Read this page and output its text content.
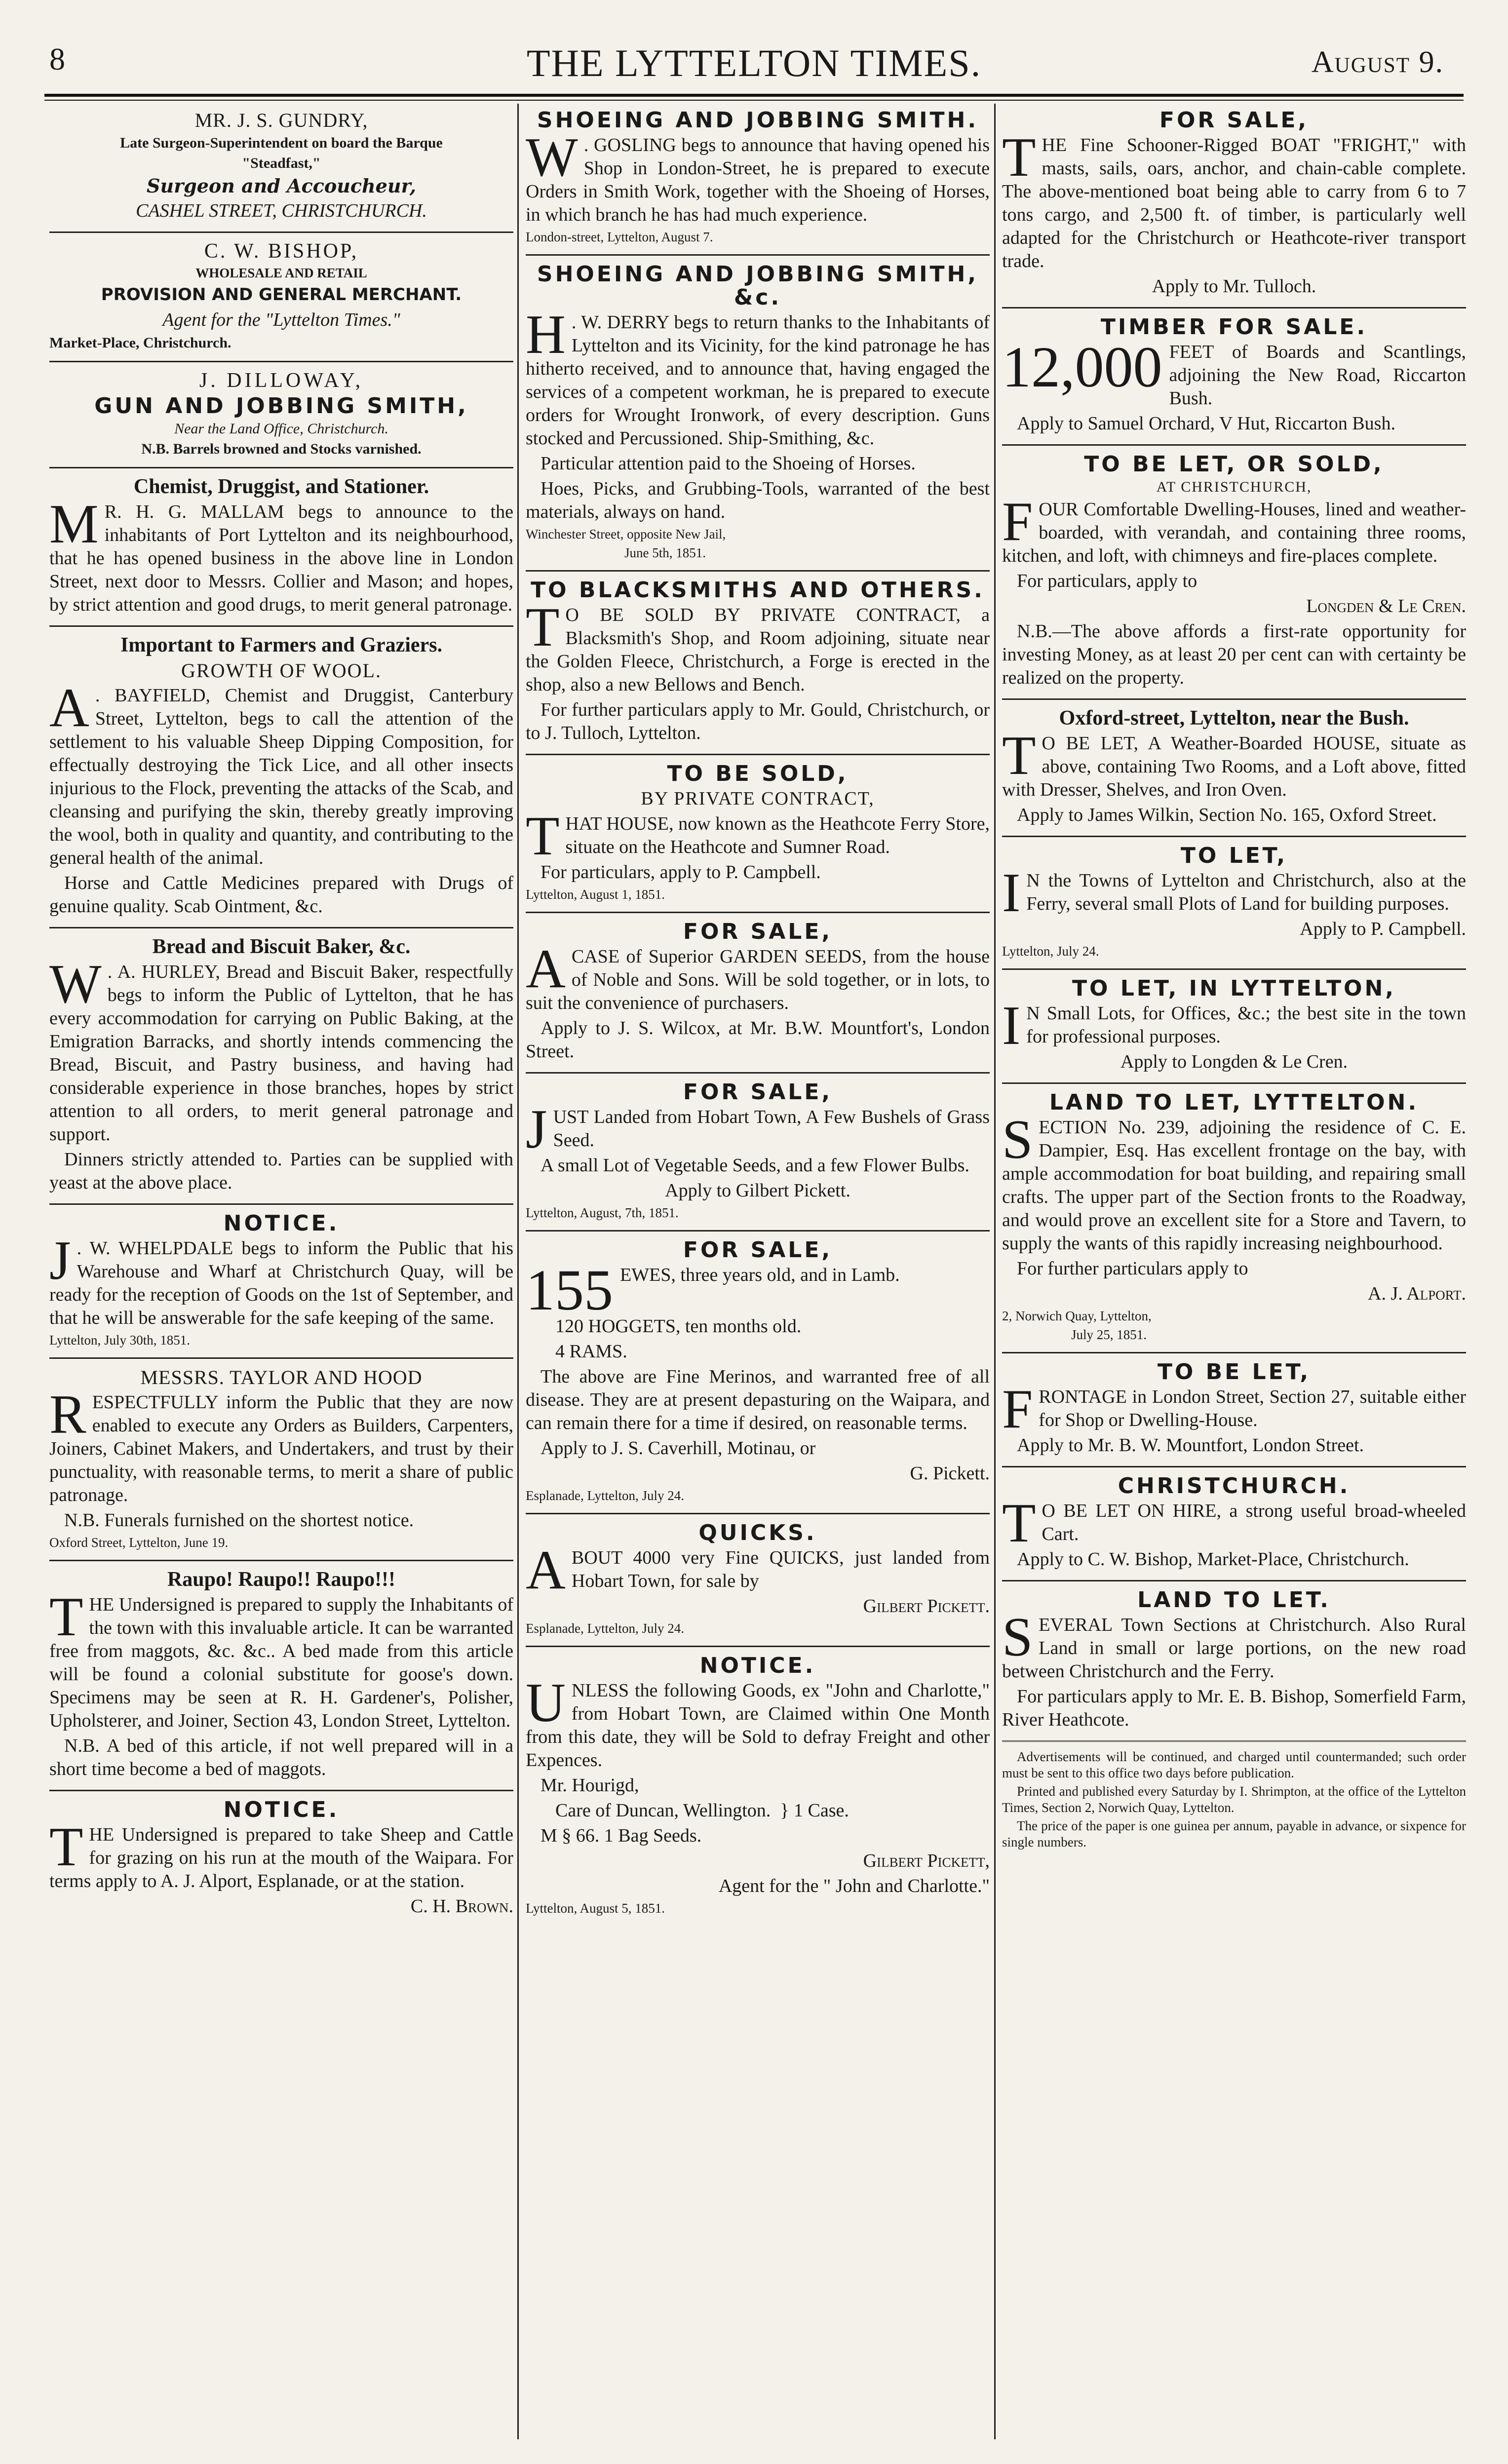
8	THE LYTTELTON TIMES.	August 9.

MR. J. S. GUNDRY,

Late Surgeon-Superintendent on board the Barque

"Steadfast,"

Surgeon and Accoucheur,

CASHEL STREET, CHRISTCHURCH.

C. W. BISHOP,

WHOLESALE AND RETAIL

PROVISION AND GENERAL MERCHANT.

Agent for the "Lyttelton Times."

Market-Place, Christchurch.

J. DILLOWAY,

GUN AND JOBBING SMITH,

Near the Land Office, Christchurch.

N.B. Barrels browned and Stocks varnished.

Chemist, Druggist, and Stationer.

M R. H. G. MALLAM begs to announce to the inhabitants of Port Lyttelton and its neighbourhood, that he has opened business in the above line in London Street, next door to Messrs. Collier and Mason; and hopes, by strict attention and good drugs, to merit general patronage.

Important to Farmers and Graziers.

GROWTH OF WOOL.

A . BAYFIELD, Chemist and Druggist, Canterbury Street, Lyttelton, begs to call the attention of the settlement to his valuable Sheep Dipping Composition, for effectually destroying the Tick Lice, and all other insects injurious to the Flock, preventing the attacks of the Scab, and cleansing and purifying the skin, thereby greatly improving the wool, both in quality and quantity, and contributing to the general health of the animal.

Horse and Cattle Medicines prepared with Drugs of genuine quality. Scab Ointment, &c.

Bread and Biscuit Baker, &c.

W . A. HURLEY, Bread and Biscuit Baker, respectfully begs to inform the Public of Lyttelton, that he has every accommodation for carrying on Public Baking, at the Emigration Barracks, and shortly intends commencing the Bread, Biscuit, and Pastry business, and having had considerable experience in those branches, hopes by strict attention to all orders, to merit general patronage and support.

Dinners strictly attended to. Parties can be supplied with yeast at the above place.

NOTICE.

J . W. WHELPDALE begs to inform the Public that his Warehouse and Wharf at Christchurch Quay, will be ready for the reception of Goods on the 1st of September, and that he will be answerable for the safe keeping of the same.

Lyttelton, July 30th, 1851.

MESSRS. TAYLOR AND HOOD

RESPECTFULLY inform the Public that they are now enabled to execute any Orders as Builders, Carpenters, Joiners, Cabinet Makers, and Undertakers, and trust by their punctuality, with reasonable terms, to merit a share of public patronage.

N.B. Funerals furnished on the shortest notice.

Oxford Street, Lyttelton, June 19.

Raupo! Raupo!! Raupo!!!

THE Undersigned is prepared to supply the Inhabitants of the town with this invaluable article. It can be warranted free from maggots, &c. &c.. A bed made from this article will be found a colonial substitute for goose's down. Specimens may be seen at R. H. Gardener's, Polisher, Upholsterer, and Joiner, Section 43, London Street, Lyttelton.

N.B. A bed of this article, if not well prepared will in a short time become a bed of maggots.

NOTICE.

THE Undersigned is prepared to take Sheep and Cattle for grazing on his run at the mouth of the Waipara. For terms apply to A. J. Alport, Esplanade, or at the station.

C. H. Brown.

SHOEING AND JOBBING SMITH.

W . GOSLING begs to announce that having opened his Shop in London-Street, he is prepared to execute Orders in Smith Work, together with the Shoeing of Horses, in which branch he has had much experience.

London-street, Lyttelton, August 7.

SHOEING AND JOBBING SMITH, &c.

H . W. DERRY begs to return thanks to the Inhabitants of Lyttelton and its Vicinity, for the kind patronage he has hitherto received, and to announce that, having engaged the services of a competent workman, he is prepared to execute orders for Wrought Ironwork, of every description. Guns stocked and Percussioned. Ship-Smithing, &c.

Particular attention paid to the Shoeing of Horses.

Hoes, Picks, and Grubbing-Tools, warranted of the best materials, always on hand.

Winchester Street, opposite New Jail,

June 5th, 1851.

TO BLACKSMITHS AND OTHERS.

T O BE SOLD BY PRIVATE CONTRACT, a Blacksmith's Shop, and Room adjoining, situate near the Golden Fleece, Christchurch, a Forge is erected in the shop, also a new Bellows and Bench.

For further particulars apply to Mr. Gould, Christchurch, or to J. Tulloch, Lyttelton.

TO BE SOLD,

BY PRIVATE CONTRACT,

THAT HOUSE, now known as the Heathcote Ferry Store, situate on the Heathcote and Sumner Road.

For particulars, apply to P. Campbell.

Lyttelton, August 1, 1851.

FOR SALE,

A CASE of Superior GARDEN SEEDS, from the house of Noble and Sons. Will be sold together, or in lots, to suit the convenience of purchasers.

Apply to J. S. Wilcox, at Mr. B.W. Mountfort's, London Street.

FOR SALE,

JUST Landed from Hobart Town, A Few Bushels of Grass Seed.

A small Lot of Vegetable Seeds, and a few Flower Bulbs.

Apply to Gilbert Pickett.

Lyttelton, August, 7th, 1851.

FOR SALE,

155 EWES, three years old, and in Lamb.

120 HOGGETS, ten months old.

4 RAMS.

The above are Fine Merinos, and warranted free of all disease. They are at present depasturing on the Waipara, and can remain there for a time if desired, on reasonable terms.

Apply to J. S. Caverhill, Motinau, or

G. Pickett.

Esplanade, Lyttelton, July 24.

QUICKS.

ABOUT 4000 very Fine QUICKS, just landed from Hobart Town, for sale by

Gilbert Pickett.

Esplanade, Lyttelton, July 24.

NOTICE.

UNLESS the following Goods, ex "John and Charlotte," from Hobart Town, are Claimed within One Month from this date, they will be Sold to defray Freight and other Expences.

Mr. Hourigd,

Care of Duncan, Wellington.  } 1 Case.

M § 66. 1 Bag Seeds.

Gilbert Pickett,

Agent for the " John and Charlotte."

Lyttelton, August 5, 1851.

FOR SALE,

THE Fine Schooner-Rigged BOAT "FRIGHT," with masts, sails, oars, anchor, and chain-cable complete. The above-mentioned boat being able to carry from 6 to 7 tons cargo, and 2,500 ft. of timber, is particularly well adapted for the Christchurch or Heathcote-river transport trade.

Apply to Mr. Tulloch.

TIMBER FOR SALE.

12,000 FEET of Boards and Scantlings, adjoining the New Road, Riccarton Bush.

Apply to Samuel Orchard, V Hut, Riccarton Bush.

TO BE LET, OR SOLD,

AT CHRISTCHURCH,

FOUR Comfortable Dwelling-Houses, lined and weather-boarded, with verandah, and containing three rooms, kitchen, and loft, with chimneys and fire-places complete.

For particulars, apply to

Longden & Le Cren.

N.B.—The above affords a first-rate opportunity for investing Money, as at least 20 per cent can with certainty be realized on the property.

Oxford-street, Lyttelton, near the Bush.

T O BE LET, A Weather-Boarded HOUSE, situate as above, containing Two Rooms, and a Loft above, fitted with Dresser, Shelves, and Iron Oven.

Apply to James Wilkin, Section No. 165, Oxford Street.

TO LET,

I N the Towns of Lyttelton and Christchurch, also at the Ferry, several small Plots of Land for building purposes.

Apply to P. Campbell.

Lyttelton, July 24.

TO LET, IN LYTTELTON,

I N Small Lots, for Offices, &c.; the best site in the town for professional purposes.

Apply to Longden & Le Cren.

LAND TO LET, LYTTELTON.

SECTION No. 239, adjoining the residence of C. E. Dampier, Esq. Has excellent frontage on the bay, with ample accommodation for boat building, and repairing small crafts. The upper part of the Section fronts to the Roadway, and would prove an excellent site for a Store and Tavern, to supply the wants of this rapidly increasing neighbourhood.

For further particulars apply to

A. J. Alport.

2, Norwich Quay, Lyttelton,

July 25, 1851.

TO BE LET,

FRONTAGE in London Street, Section 27, suitable either for Shop or Dwelling-House.

Apply to Mr. B. W. Mountfort, London Street.

CHRISTCHURCH.

T O BE LET ON HIRE, a strong useful broad-wheeled Cart.

Apply to C. W. Bishop, Market-Place, Christchurch.

LAND TO LET.

SEVERAL Town Sections at Christchurch. Also Rural Land in small or large portions, on the new road between Christchurch and the Ferry.

For particulars apply to Mr. E. B. Bishop, Somerfield Farm, River Heathcote.

Advertisements will be continued, and charged until countermanded; such order must be sent to this office two days before publication.

Printed and published every Saturday by I. Shrimpton, at the office of the Lyttelton Times, Section 2, Norwich Quay, Lyttelton.

The price of the paper is one guinea per annum, payable in advance, or sixpence for single numbers.
